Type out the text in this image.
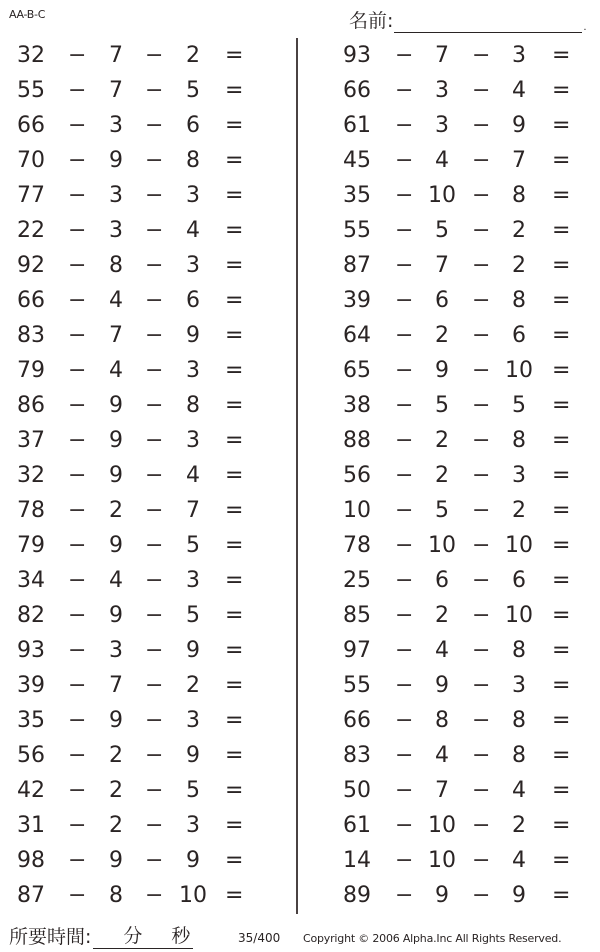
AA-B-C	名前:	.
32 −	7	−	2	=
55 −	7	−	5	=
66 −	3	−	6	=
70 −	9	−	8	=
77 −	3	−	3	=
22 −	3	−	4	=
92 −	8	−	3	=
66 −	4	−	6	=
83 −	7	−	9	=
79 −	4	−	3	=
86 −	9	−	8	=
37 −	9	−	3	=
32 −	9	−	4	=
78 −	2	−	7	=
79 −	9	−	5	=
34 −	4	−	3	=
82 −	9	−	5	=
93 −	3	−	9	=
39 −	7	−	2	=
35 −	9	−	3	=
56 −	2	−	9	=
42 −	2	−	5	=
31 −	2	−	3	=
98 −	9	−	9	=
87 −	8	− 10 =
93 − 7	− 3	=
66 − 3	− 4	=
61 − 3	− 9	=
45 − 4	− 7	=
35 − 10 − 8	=
55 − 5	− 2	=
87 − 7	− 2	=
39 − 6	− 8	=
64 − 2	− 6	=
65 − 9	− 10 =
38 − 5	− 5	=
88 − 2	− 8	=
56 − 2	− 3	=
10 − 5	− 2	=
78 − 10 − 10 =
25 − 6	− 6	=
85 − 2	− 10 =
97 − 4	− 8	=
55 − 9	− 3	=
66 − 8	− 8	=
83 − 4	− 8	=
50 − 7	− 4	=
61 − 10 − 2	=
14 − 10 − 4	=
89 − 9	− 9	=
所要時間: 分 秒	35/400 Copyright © 2006 Alpha.Inc All Rights Reserved.
